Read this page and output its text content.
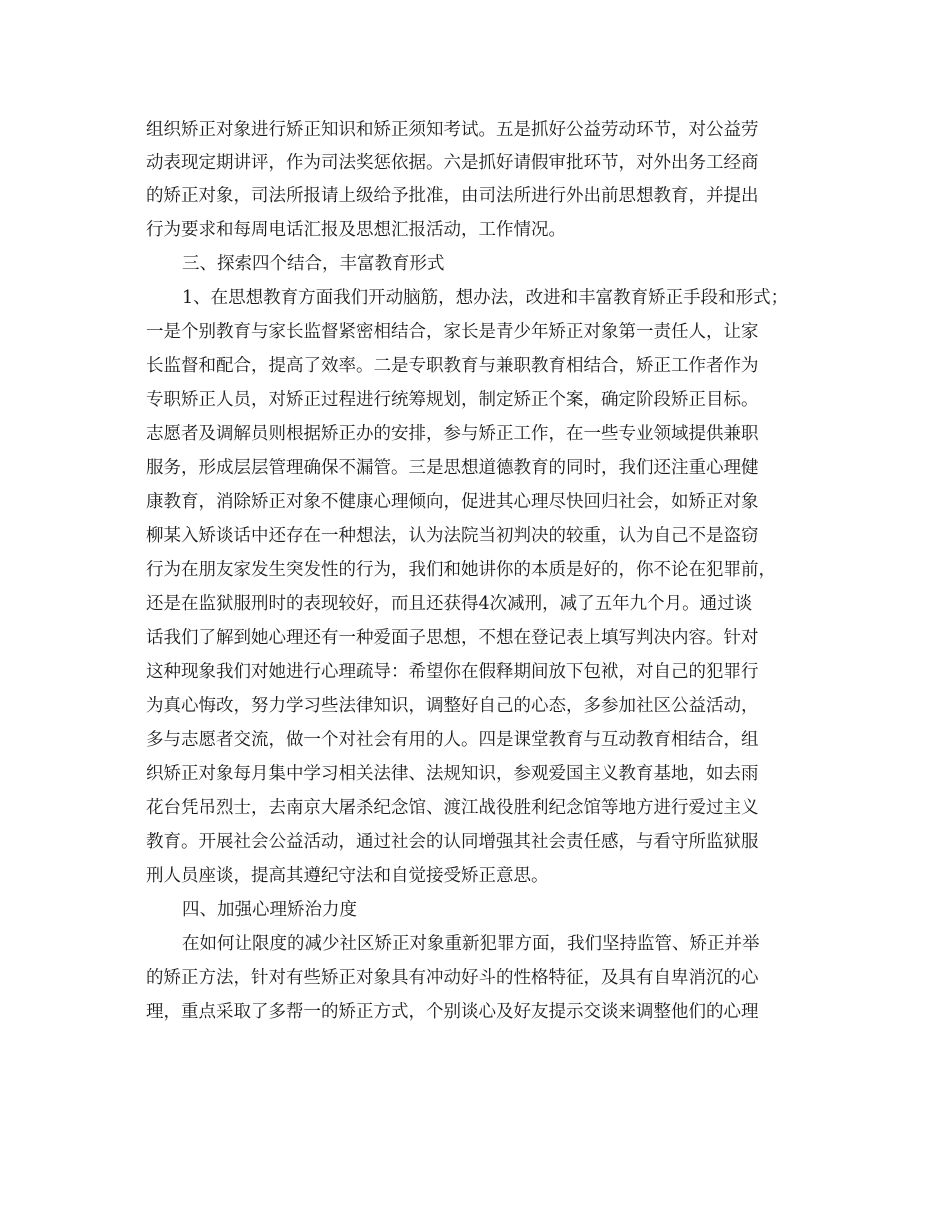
组织矫正对象进行矫正知识和矫正须知考试。五是抓好公益劳动环节，对公益劳
动表现定期讲评，作为司法奖惩依据。六是抓好请假审批环节，对外出务工经商
的矫正对象，司法所报请上级给予批准，由司法所进行外出前思想教育，并提出
行为要求和每周电话汇报及思想汇报活动，工作情况。
三、探索四个结合，丰富教育形式
1、在思想教育方面我们开动脑筋，想办法，改进和丰富教育矫正手段和形式；
一是个别教育与家长监督紧密相结合，家长是青少年矫正对象第一责任人，让家
长监督和配合，提高了效率。二是专职教育与兼职教育相结合，矫正工作者作为
专职矫正人员，对矫正过程进行统筹规划，制定矫正个案，确定阶段矫正目标。
志愿者及调解员则根据矫正办的安排，参与矫正工作，在一些专业领域提供兼职
服务，形成层层管理确保不漏管。三是思想道德教育的同时，我们还注重心理健
康教育，消除矫正对象不健康心理倾向，促进其心理尽快回归社会，如矫正对象
柳某入矫谈话中还存在一种想法，认为法院当初判决的较重，认为自己不是盗窃
行为在朋友家发生突发性的行为，我们和她讲你的本质是好的，你不论在犯罪前，
还是在监狱服刑时的表现较好，而且还获得4次减刑，减了五年九个月。通过谈
话我们了解到她心理还有一种爱面子思想，不想在登记表上填写判决内容。针对
这种现象我们对她进行心理疏导：希望你在假释期间放下包袱，对自己的犯罪行
为真心悔改，努力学习些法律知识，调整好自己的心态，多参加社区公益活动，
多与志愿者交流，做一个对社会有用的人。四是课堂教育与互动教育相结合，组
织矫正对象每月集中学习相关法律、法规知识，参观爱国主义教育基地，如去雨
花台凭吊烈士，去南京大屠杀纪念馆、渡江战役胜利纪念馆等地方进行爱过主义
教育。开展社会公益活动，通过社会的认同增强其社会责任感，与看守所监狱服
刑人员座谈，提高其遵纪守法和自觉接受矫正意思。
四、加强心理矫治力度
在如何让限度的减少社区矫正对象重新犯罪方面，我们坚持监管、矫正并举
的矫正方法，针对有些矫正对象具有冲动好斗的性格特征，及具有自卑消沉的心
理，重点采取了多帮一的矫正方式，个别谈心及好友提示交谈来调整他们的心理
